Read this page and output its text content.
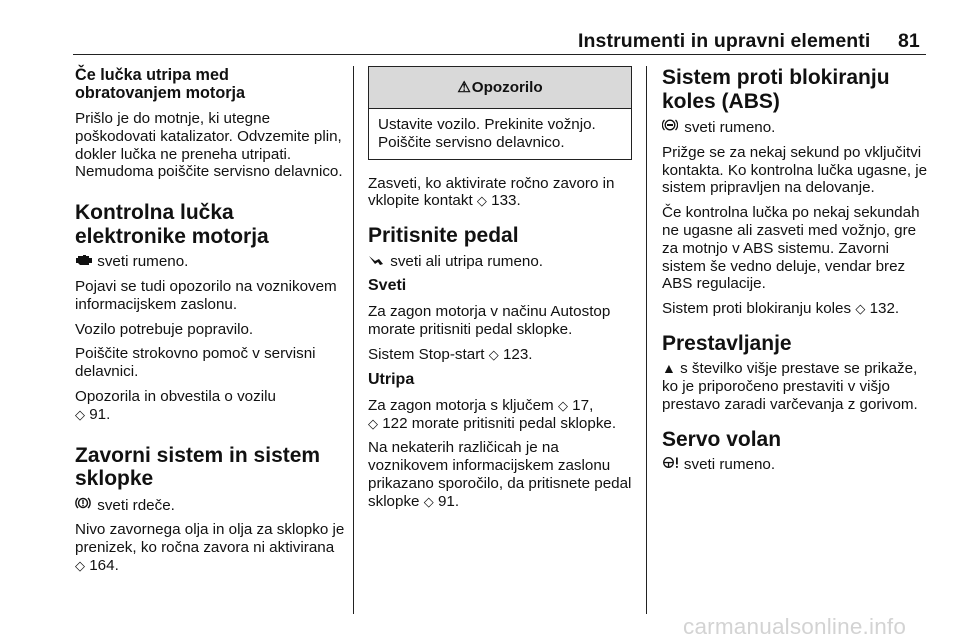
Instrumenti in upravni elementi 81
Če lučka utripa med obratovanjem motorja

Prišlo je do motnje, ki utegne poškodovati katalizator. Odvzemite plin, dokler lučka ne preneha utripati. Nemudoma poiščite servisno delavnico.

Kontrolna lučka elektronike motorja

sveti rumeno.

Pojavi se tudi opozorilo na voznikovem informacijskem zaslonu.

Vozilo potrebuje popravilo.

Poiščite strokovno pomoč v servisni delavnici.

Opozorila in obvestila o vozilu
◇ 91.

Zavorni sistem in sistem sklopke

sveti rdeče.

Nivo zavornega olja in olja za sklopko je prenizek, ko ročna zavora ni aktivirana ◇ 164.

⚠ Opozorilo
Ustavite vozilo. Prekinite vožnjo. Poiščite servisno delavnico.

Zasveti, ko aktivirate ročno zavoro in vklopite kontakt ◇ 133.

Pritisnite pedal

sveti ali utripa rumeno.

Sveti

Za zagon motorja v načinu Autostop morate pritisniti pedal sklopke.

Sistem Stop-start ◇ 123.

Utripa

Za zagon motorja s ključem ◇ 17,
◇ 122 morate pritisniti pedal sklopke.

Na nekaterih različicah je na voznikovem informacijskem zaslonu prikazano sporočilo, da pritisnete pedal sklopke ◇ 91.

Sistem proti blokiranju koles (ABS)

sveti rumeno.

Prižge se za nekaj sekund po vključitvi kontakta. Ko kontrolna lučka ugasne, je sistem pripravljen na delovanje.

Če kontrolna lučka po nekaj sekundah ne ugasne ali zasveti med vožnjo, gre za motnjo v ABS sistemu. Zavorni sistem še vedno deluje, vendar brez ABS regulacije.

Sistem proti blokiranju koles ◇ 132.

Prestavljanje

▲ s številko višje prestave se prikaže, ko je priporočeno prestaviti v višjo prestavo zaradi varčevanja z gorivom.

Servo volan

sveti rumeno.

carmanualsonline.info
